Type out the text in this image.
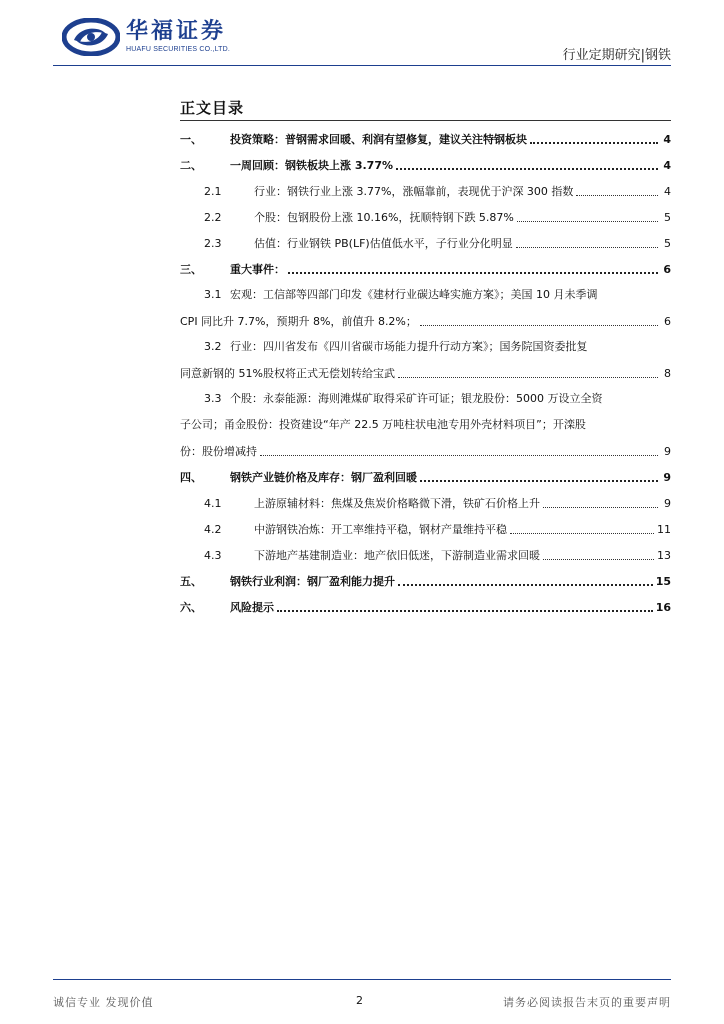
华福证券
HUAFU SECURITIES CO.,LTD.	行业定期研究|钢铁
正文目录
一、	投资策略：普钢需求回暖、利润有望修复，建议关注特钢板块	4
二、	一周回顾：钢铁板块上涨 3.77%	4
2.1	行业：钢铁行业上涨 3.77%，涨幅靠前，表现优于沪深 300 指数	4
2.2	个股：包钢股份上涨 10.16%，抚顺特钢下跌 5.87%	5
2.3	估值：行业钢铁 PB(LF)估值低水平，子行业分化明显	5
三、	重大事件：	6
3.1 宏观：工信部等四部门印发《建材行业碳达峰实施方案》；美国 10 月未季调
CPI 同比升 7.7%，预期升 8%，前值升 8.2%；	6
3.2 行业：四川省发布《四川省碳市场能力提升行动方案》；国务院国资委批复
同意新钢的 51%股权将正式无偿划转给宝武	8
3.3 个股：永泰能源：海则滩煤矿取得采矿许可证；银龙股份：5000 万设立全资
子公司；甬金股份：投资建设“年产 22.5 万吨柱状电池专用外壳材料项目”；开滦股
份：股份增减持	9
四、	钢铁产业链价格及库存：钢厂盈利回暖	9
4.1	上游原辅材料：焦煤及焦炭价格略微下滑，铁矿石价格上升	9
4.2	中游钢铁冶炼：开工率维持平稳，钢材产量维持平稳	11
4.3	下游地产基建制造业：地产依旧低迷，下游制造业需求回暖	13
五、	钢铁行业利润：钢厂盈利能力提升	15
六、	风险提示	16
诚信专业 发现价值	2	请务必阅读报告末页的重要声明
